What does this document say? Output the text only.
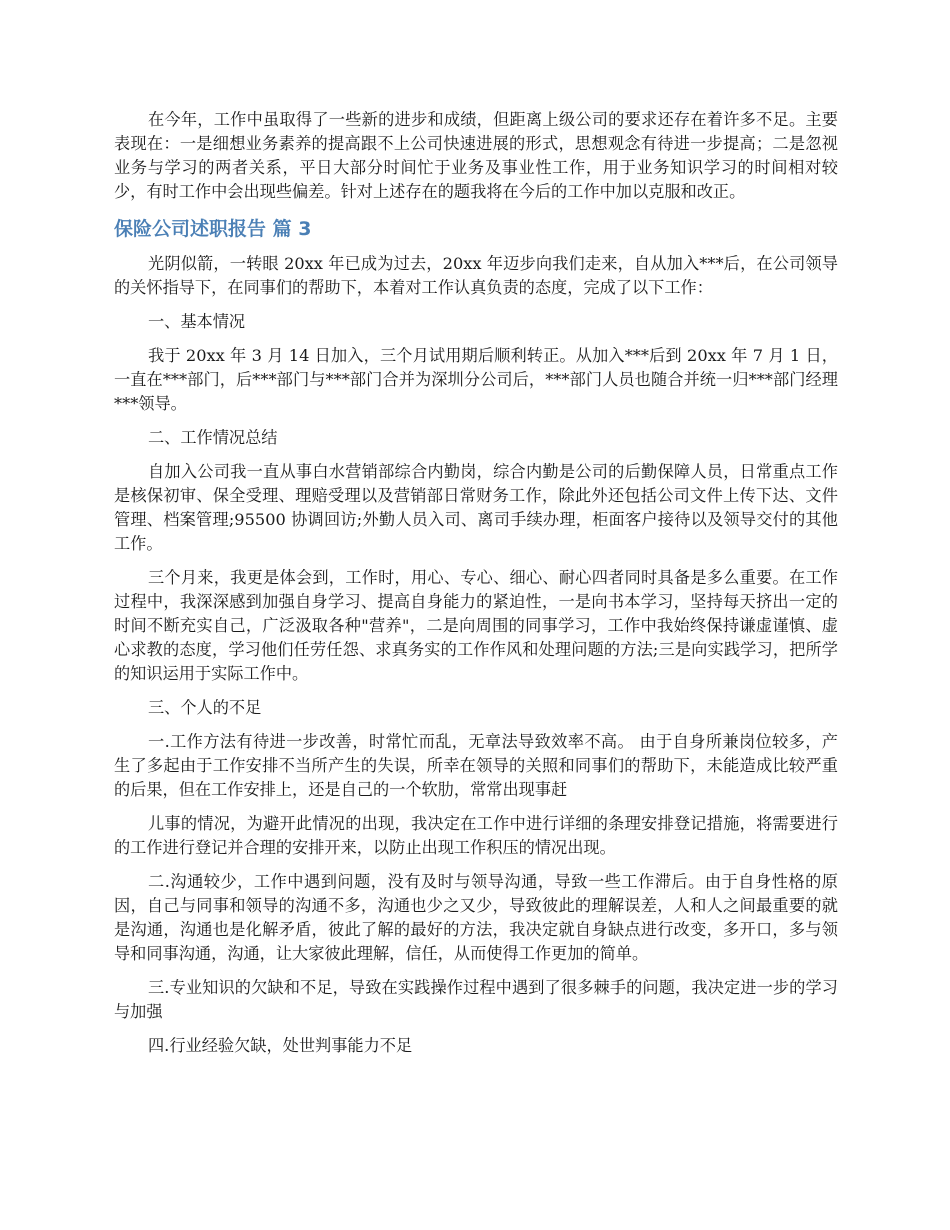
在今年，工作中虽取得了一些新的进步和成绩，但距离上级公司的要求还存在着许多不足。主要表现在：一是细想业务素养的提高跟不上公司快速进展的形式，思想观念有待进一步提高；二是忽视业务与学习的两者关系，平日大部分时间忙于业务及事业性工作，用于业务知识学习的时间相对较少，有时工作中会出现些偏差。针对上述存在的题我将在今后的工作中加以克服和改正。

保险公司述职报告 篇 3

光阴似箭，一转眼 20xx 年已成为过去，20xx 年迈步向我们走来，自从加入***后，在公司领导的关怀指导下，在同事们的帮助下，本着对工作认真负责的态度，完成了以下工作：

一、基本情况

我于 20xx 年 3 月 14 日加入，三个月试用期后顺利转正。从加入***后到 20xx 年 7 月 1 日，一直在***部门，后***部门与***部门合并为深圳分公司后，***部门人员也随合并统一归***部门经理***领导。

二、工作情况总结

自加入公司我一直从事白水营销部综合内勤岗，综合内勤是公司的后勤保障人员，日常重点工作是核保初审、保全受理、理赔受理以及营销部日常财务工作，除此外还包括公司文件上传下达、文件管理、档案管理;95500 协调回访;外勤人员入司、离司手续办理，柜面客户接待以及领导交付的其他工作。

三个月来，我更是体会到，工作时，用心、专心、细心、耐心四者同时具备是多么重要。在工作过程中，我深深感到加强自身学习、提高自身能力的紧迫性，一是向书本学习，坚持每天挤出一定的时间不断充实自己，广泛汲取各种"营养"，二是向周围的同事学习，工作中我始终保持谦虚谨慎、虚心求教的态度，学习他们任劳任怨、求真务实的工作作风和处理问题的方法;三是向实践学习，把所学的知识运用于实际工作中。

三、个人的不足

一.工作方法有待进一步改善，时常忙而乱，无章法导致效率不高。 由于自身所兼岗位较多，产生了多起由于工作安排不当所产生的失误，所幸在领导的关照和同事们的帮助下，未能造成比较严重的后果，但在工作安排上，还是自己的一个软肋，常常出现事赶

儿事的情况，为避开此情况的出现，我决定在工作中进行详细的条理安排登记措施，将需要进行的工作进行登记并合理的安排开来，以防止出现工作积压的情况出现。

二.沟通较少，工作中遇到问题，没有及时与领导沟通，导致一些工作滞后。由于自身性格的原因，自己与同事和领导的沟通不多，沟通也少之又少，导致彼此的理解误差，人和人之间最重要的就是沟通，沟通也是化解矛盾，彼此了解的最好的方法，我决定就自身缺点进行改变，多开口，多与领导和同事沟通，沟通，让大家彼此理解，信任，从而使得工作更加的简单。

三.专业知识的欠缺和不足，导致在实践操作过程中遇到了很多棘手的问题，我决定进一步的学习与加强

四.行业经验欠缺，处世判事能力不足
